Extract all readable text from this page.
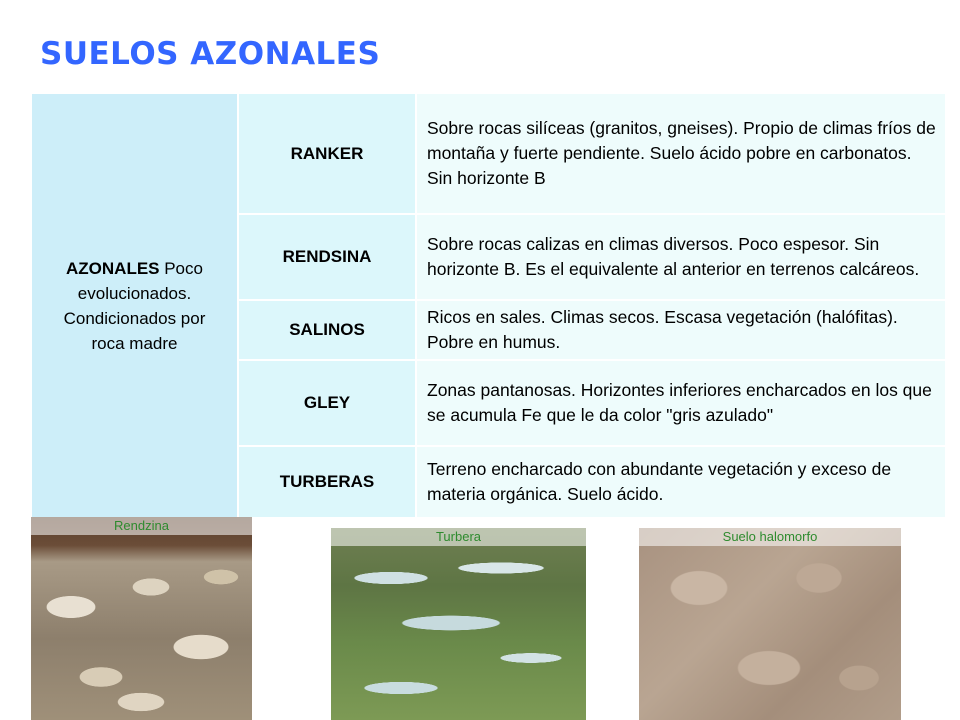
SUELOS AZONALES
AZONALES Poco evolucionados. Condicionados por roca madre	RANKER	Sobre rocas silíceas (granitos, gneises). Propio de climas fríos de montaña y fuerte pendiente. Suelo ácido pobre en carbonatos. Sin horizonte B
	RENDSINA	Sobre rocas calizas en climas diversos. Poco espesor. Sin horizonte B. Es el equivalente al anterior en terrenos calcáreos.
	SALINOS	Ricos en sales. Climas secos. Escasa vegetación (halófitas). Pobre en humus.
	GLEY	Zonas pantanosas. Horizontes inferiores encharcados en los que se acumula Fe que le da color "gris azulado"
	TURBERAS	Terreno encharcado con abundante vegetación y exceso de materia orgánica. Suelo ácido.
Rendzina
Turbera	Suelo halomorfo
